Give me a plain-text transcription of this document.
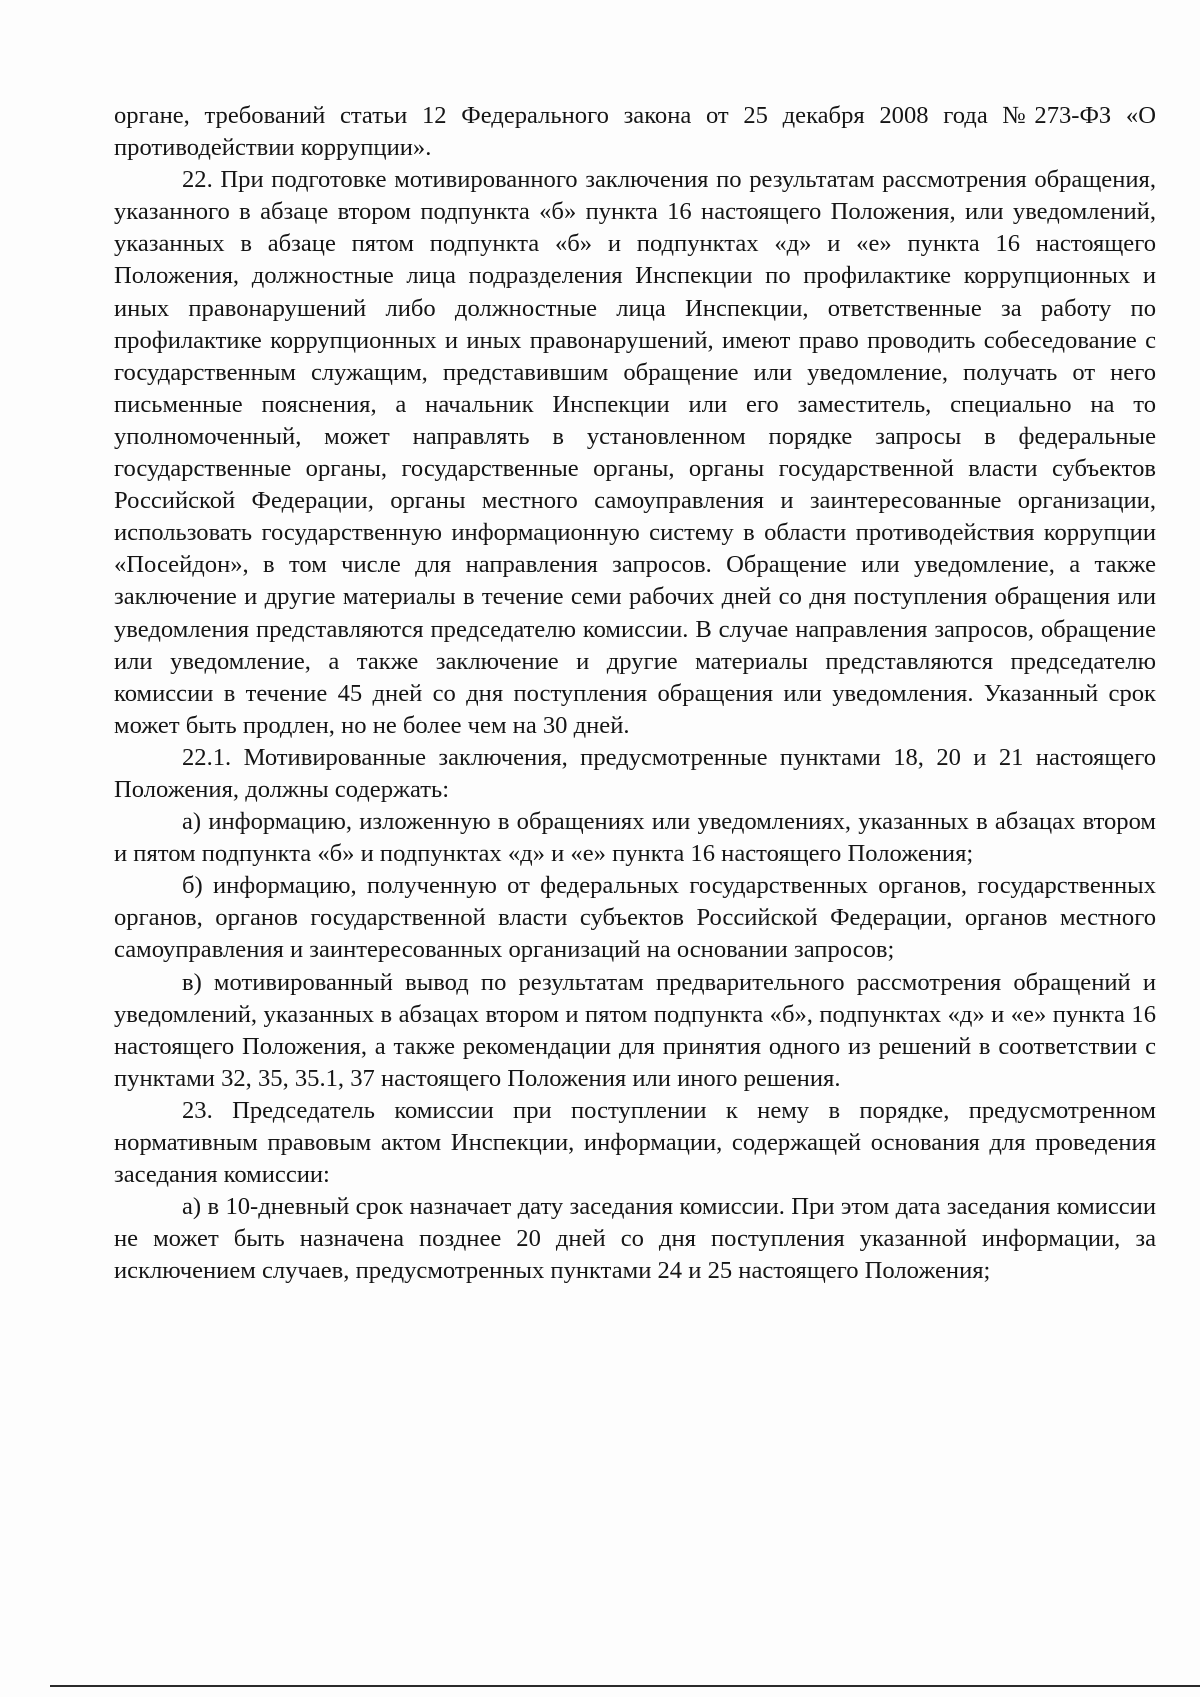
органе, требований статьи 12 Федерального закона от 25 декабря 2008 года №273-ФЗ «О противодействии коррупции».

22. При подготовке мотивированного заключения по результатам рассмотрения обращения, указанного в абзаце втором подпункта «б» пункта 16 настоящего Положения, или уведомлений, указанных в абзаце пятом подпункта «б» и подпунктах «д» и «е» пункта 16 настоящего Положения, должностные лица подразделения Инспекции по профилактике коррупционных и иных правонарушений либо должностные лица Инспекции, ответственные за работу по профилактике коррупционных и иных правонарушений, имеют право проводить собеседование с государственным служащим, представившим обращение или уведомление, получать от него письменные пояснения, а начальник Инспекции или его заместитель, специально на то уполномоченный, может направлять в установленном порядке запросы в федеральные государственные органы, государственные органы, органы государственной власти субъектов Российской Федерации, органы местного самоуправления и заинтересованные организации, использовать государственную информационную систему в области противодействия коррупции «Посейдон», в том числе для направления запросов. Обращение или уведомление, а также заключение и другие материалы в течение семи рабочих дней со дня поступления обращения или уведомления представляются председателю комиссии. В случае направления запросов, обращение или уведомление, а также заключение и другие материалы представляются председателю комиссии в течение 45 дней со дня поступления обращения или уведомления. Указанный срок может быть продлен, но не более чем на 30 дней.

22.1. Мотивированные заключения, предусмотренные пунктами 18, 20 и 21 настоящего Положения, должны содержать:

а) информацию, изложенную в обращениях или уведомлениях, указанных в абзацах втором и пятом подпункта «б» и подпунктах «д» и «е» пункта 16 настоящего Положения;

б) информацию, полученную от федеральных государственных органов, государственных органов, органов государственной власти субъектов Российской Федерации, органов местного самоуправления и заинтересованных организаций на основании запросов;

в) мотивированный вывод по результатам предварительного рассмотрения обращений и уведомлений, указанных в абзацах втором и пятом подпункта «б», подпунктах «д» и «е» пункта 16 настоящего Положения, а также рекомендации для принятия одного из решений в соответствии с пунктами 32, 35, 35.1, 37 настоящего Положения или иного решения.

23. Председатель комиссии при поступлении к нему в порядке, предусмотренном нормативным правовым актом Инспекции, информации, содержащей основания для проведения заседания комиссии:

а) в 10-дневный срок назначает дату заседания комиссии. При этом дата заседания комиссии не может быть назначена позднее 20 дней со дня поступления указанной информации, за исключением случаев, предусмотренных пунктами 24 и 25 настоящего Положения;
